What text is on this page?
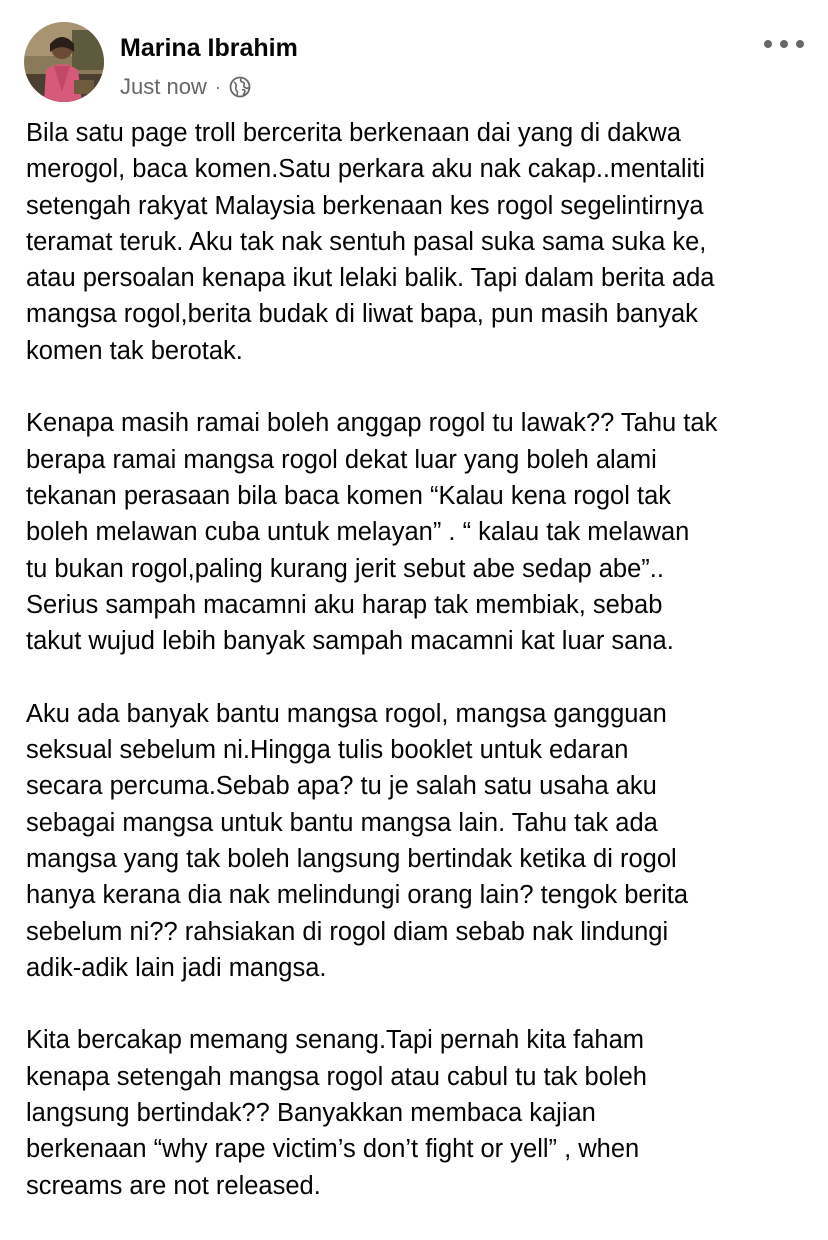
Marina Ibrahim
Just now ·

Bila satu page troll bercerita berkenaan dai yang di dakwa
merogol, baca komen.Satu perkara aku nak cakap..mentaliti
setengah rakyat Malaysia berkenaan kes rogol segelintirnya
teramat teruk. Aku tak nak sentuh pasal suka sama suka ke,
atau persoalan kenapa ikut lelaki balik. Tapi dalam berita ada
mangsa rogol,berita budak di liwat bapa, pun masih banyak
komen tak berotak.

Kenapa masih ramai boleh anggap rogol tu lawak?? Tahu tak
berapa ramai mangsa rogol dekat luar yang boleh alami
tekanan perasaan bila baca komen “Kalau kena rogol tak
boleh melawan cuba untuk melayan” . “ kalau tak melawan
tu bukan rogol,paling kurang jerit sebut abe sedap abe”..
Serius sampah macamni aku harap tak membiak, sebab
takut wujud lebih banyak sampah macamni kat luar sana.

Aku ada banyak bantu mangsa rogol, mangsa gangguan
seksual sebelum ni.Hingga tulis booklet untuk edaran
secara percuma.Sebab apa? tu je salah satu usaha aku
sebagai mangsa untuk bantu mangsa lain. Tahu tak ada
mangsa yang tak boleh langsung bertindak ketika di rogol
hanya kerana dia nak melindungi orang lain? tengok berita
sebelum ni?? rahsiakan di rogol diam sebab nak lindungi
adik-adik lain jadi mangsa.

Kita bercakap memang senang.Tapi pernah kita faham
kenapa setengah mangsa rogol atau cabul tu tak boleh
langsung bertindak?? Banyakkan membaca kajian
berkenaan “why rape victim’s don’t fight or yell” , when
screams are not released.
